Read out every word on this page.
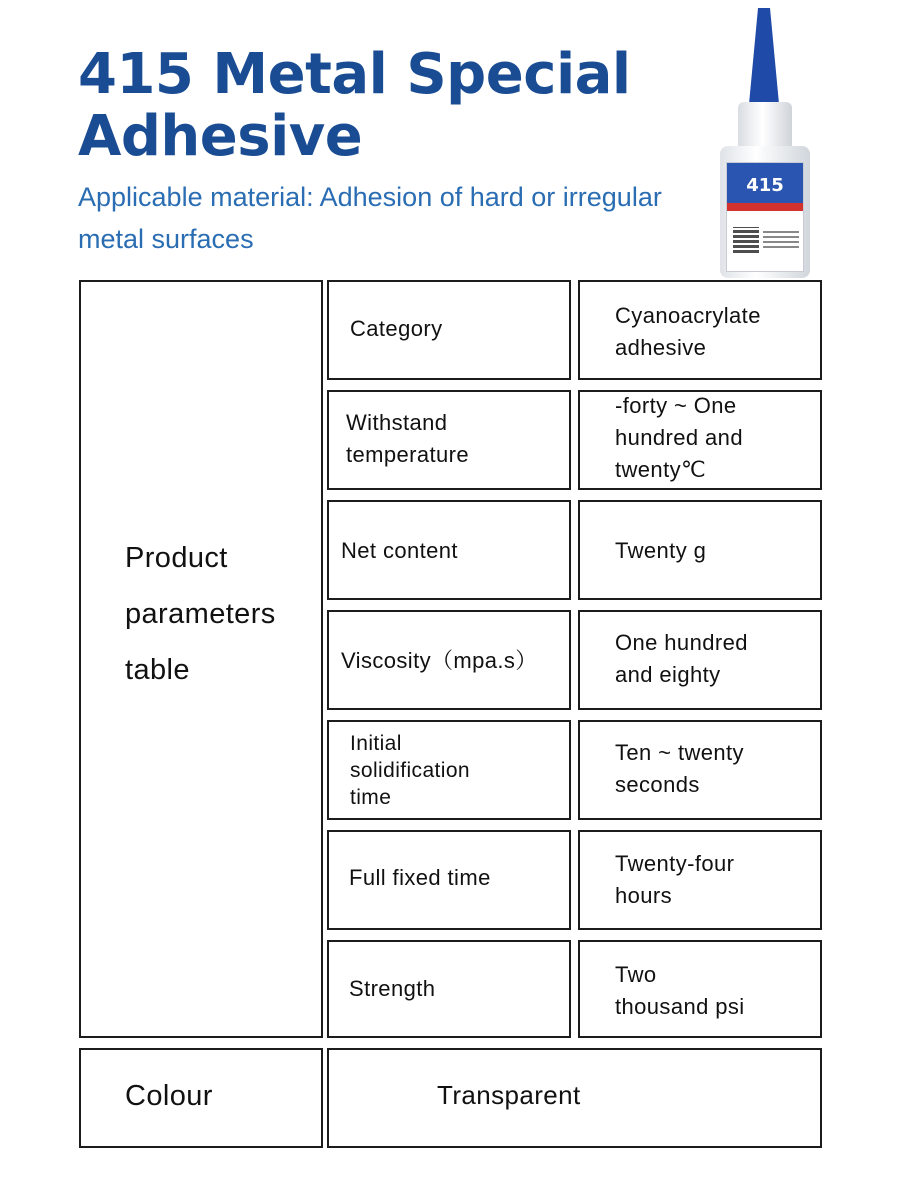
415 Metal Special
Adhesive
Applicable material: Adhesion of hard or irregular
metal surfaces
415
Product
parameters
table
Category
Cyanoacrylate
adhesive
Withstand
temperature
-forty ~ One
hundred and
twenty℃
Net content	Twenty g
Viscosity（mpa.s）
One hundred
and eighty
Initial
solidification
time
Ten ~ twenty
seconds
Full fixed time
Twenty-four
hours
Strength
Two
thousand psi
Colour	Transparent
